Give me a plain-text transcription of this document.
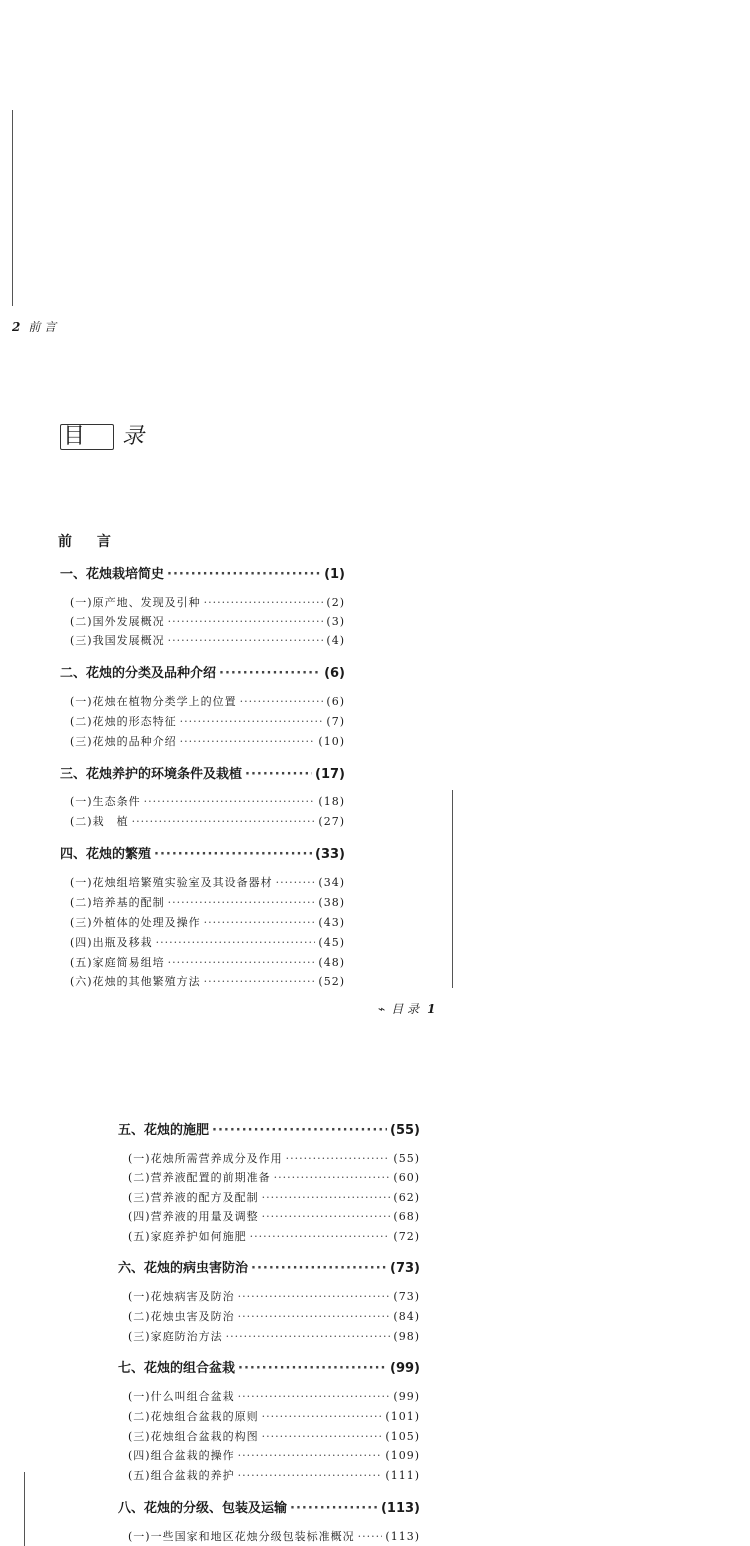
2 前 言
目 录
前 言
一、花烛栽培简史 ·····	(1)
(一)原产地、发现及引种 ·····	(2)
(二)国外发展概况 ·····	(3)
(三)我国发展概况 ·····	(4)
二、花烛的分类及品种介绍 ·····	(6)
(一)花烛在植物分类学上的位置 ·····	(6)
(二)花烛的形态特征 ·····	(7)
(三)花烛的品种介绍 ·····	(10)
三、花烛养护的环境条件及栽植 ·····	(17)
(一)生态条件 ·····	(18)
(二)栽　植 ·····	(27)
四、花烛的繁殖 ·····	(33)
(一)花烛组培繁殖实验室及其设备器材 ·····	(34)
(二)培养基的配制 ·····	(38)
(三)外植体的处理及操作 ·····	(43)
(四)出瓶及移栽 ·····	(45)
(五)家庭简易组培 ·····	(48)
(六)花烛的其他繁殖方法 ·····	(52)
⌁ 目 录 1
五、花烛的施肥 ·····	(55)
(一)花烛所需营养成分及作用 ·····	(55)
(二)营养液配置的前期准备 ·····	(60)
(三)营养液的配方及配制 ·····	(62)
(四)营养液的用量及调整 ·····	(68)
(五)家庭养护如何施肥 ·····	(72)
六、花烛的病虫害防治 ·····	(73)
(一)花烛病害及防治 ·····	(73)
(二)花烛虫害及防治 ·····	(84)
(三)家庭防治方法 ·····	(98)
七、花烛的组合盆栽 ·····	(99)
(一)什么叫组合盆栽 ·····	(99)
(二)花烛组合盆栽的原则 ·····	(101)
(三)花烛组合盆栽的构图 ·····	(105)
(四)组合盆栽的操作 ·····	(109)
(五)组合盆栽的养护 ·····	(111)
八、花烛的分级、包装及运输 ·····	(113)
(一)一些国家和地区花烛分级包装标准概况 ·····	(113)
